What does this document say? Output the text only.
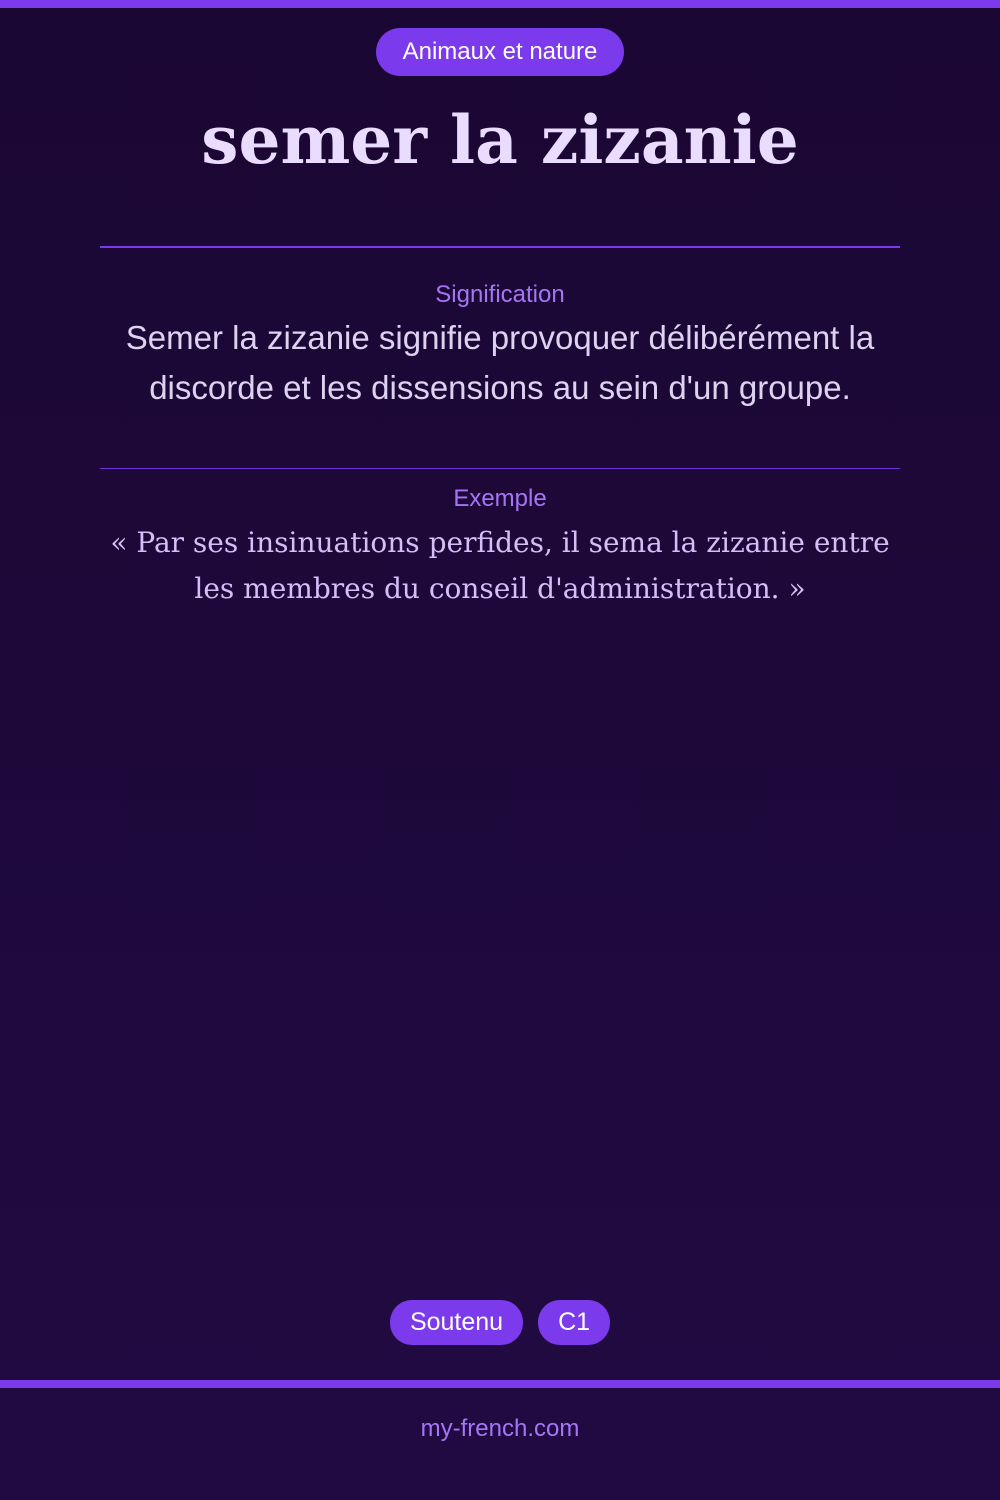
Animaux et nature
semer la zizanie
Signification
Semer la zizanie signifie provoquer délibérément la discorde et les dissensions au sein d'un groupe.
Exemple
« Par ses insinuations perfides, il sema la zizanie entre les membres du conseil d'administration. »
Soutenu	C1
my-french.com
